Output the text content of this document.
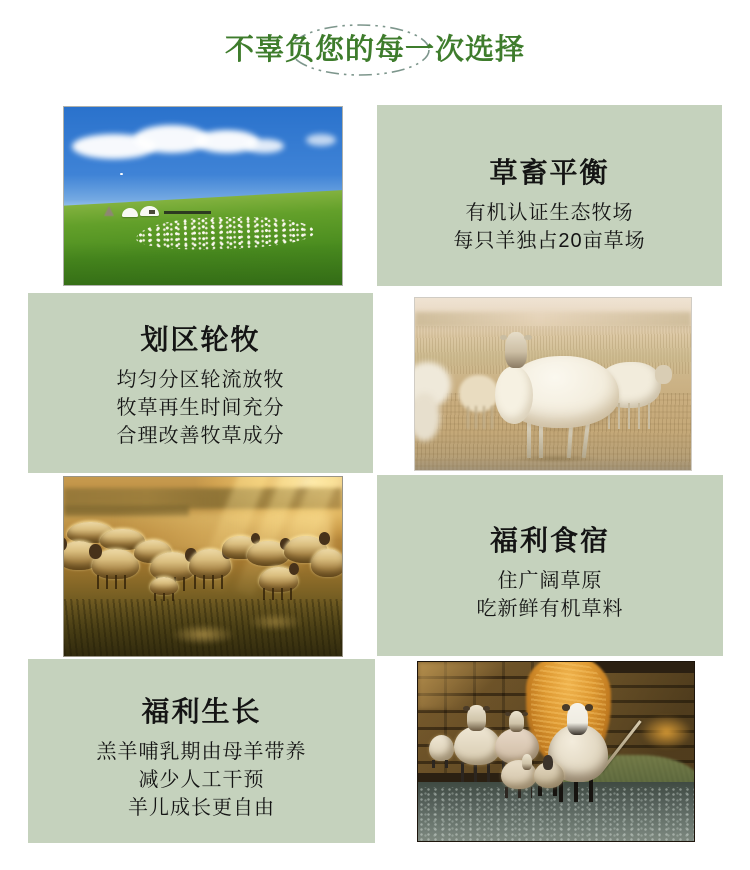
不辜负您的每一次选择
草畜平衡
有机认证生态牧场
每只羊独占20亩草场
划区轮牧
均匀分区轮流放牧
牧草再生时间充分
合理改善牧草成分
福利食宿
住广阔草原
吃新鲜有机草料
福利生长
羔羊哺乳期由母羊带养
减少人工干预
羊儿成长更自由
